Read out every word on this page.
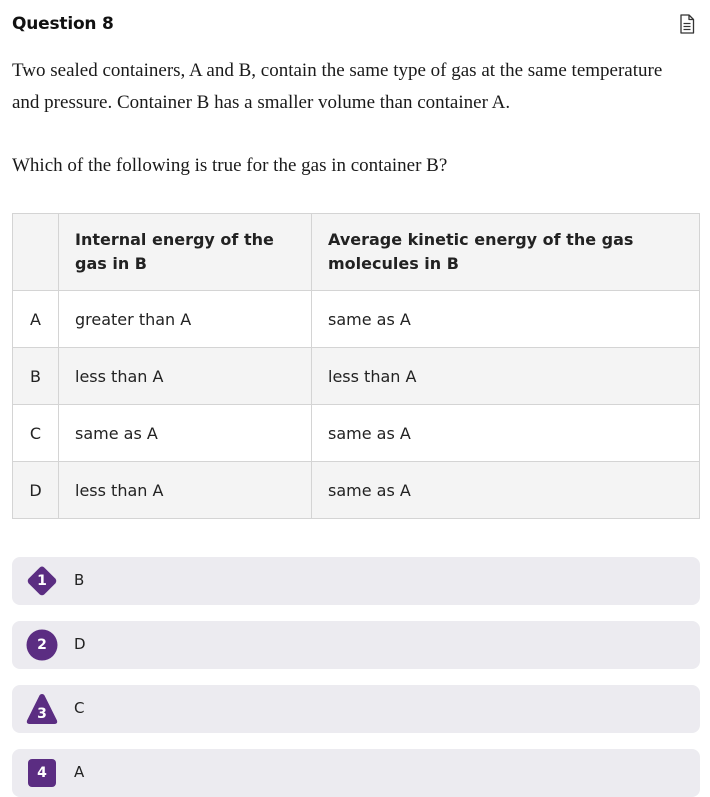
Question 8
Two sealed containers, A and B, contain the same type of gas at the same temperature
and pressure. Container B has a smaller volume than container A.
Which of the following is true for the gas in container B?
	Internal energy of the gas in B	Average kinetic energy of the gas molecules in B
A	greater than A	same as A
B	less than A	less than A
C	same as A	same as A
D	less than A	same as A
1	B
2	D
3	C
4	A
